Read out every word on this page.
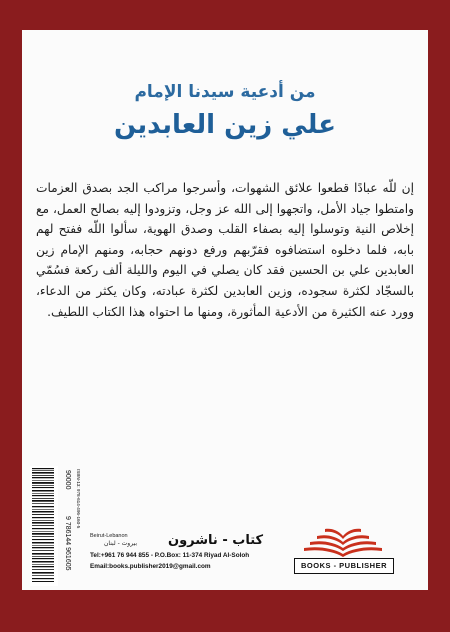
من أدعية سيدنا الإمام
علي زين العابدين

إن للّه عبادًا قطعوا علائق الشهوات، وأسرجوا مراكب الجد بصدق العزمات وامتطوا جياد الأمل، واتجهوا إلى الله عز وجل، وتزودوا إليه بصالح العمل، مع إخلاص النية وتوسلوا إليه بصفاء القلب وصدق الهوية، سألوا اللّه ففتح لهم بابه، فلما دخلوه استضافوه فقرّبهم ورفع دونهم حجابه، ومنهم الإمام زين العابدين علي بن الحسين فقد كان يصلي في اليوم والليلة ألف ركعة فسُمّي بالسجّاد لكثرة سجوده، وزين العابدين لكثرة عبادته، وكان يكثر من الدعاء، وورد عنه الكثيرة من الأدعية المأثورة، ومنها ما احتواه هذا الكتاب اللطيف.

90000
9 786144 961605
ISBN-13: 978-614-496-160-5
Beirut-Lebanon
بيروت - لبنان كتاب - ناشرون
Tel:+961 76 944 855 - P.O.Box: 11-374 Riyad Al-Soloh
Email:books.publisher2019@gmail.com	BOOKS - PUBLISHER
